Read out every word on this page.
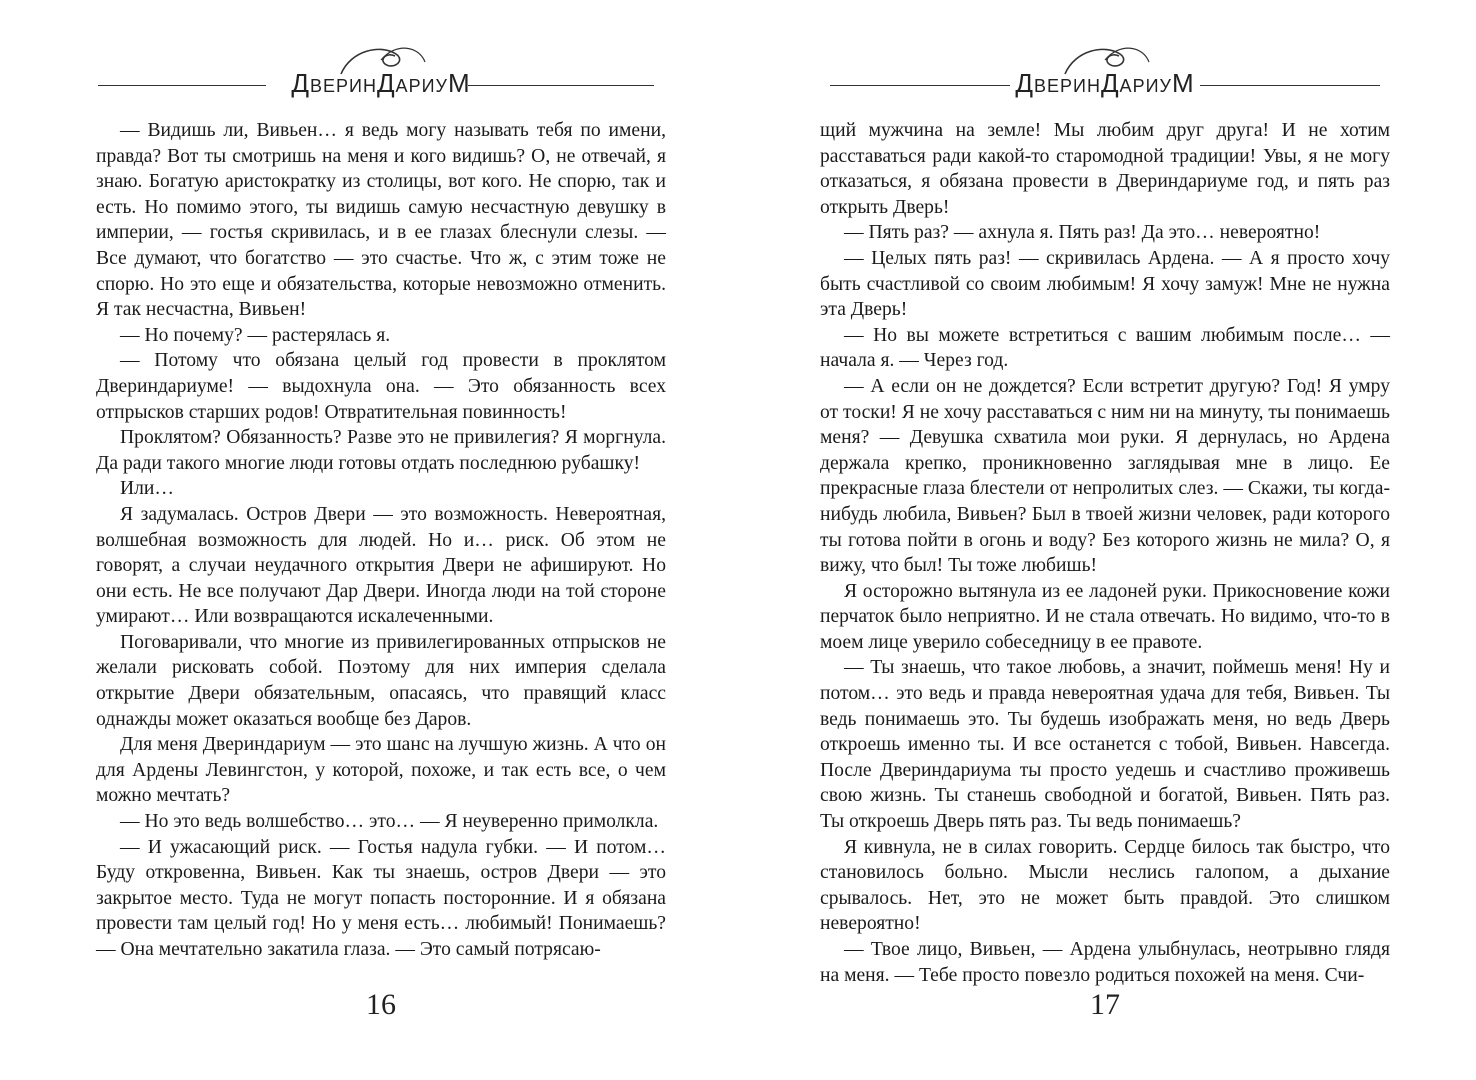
ДверинДариуМ

— Видишь ли, Вивьен… я ведь могу называть тебя по имени, правда? Вот ты смотришь на меня и кого видишь? О, не отвечай, я знаю. Богатую аристократку из столицы, вот кого. Не спорю, так и есть. Но помимо этого, ты видишь самую несчастную девушку в империи, — гостья скривилась, и в ее глазах блеснули слезы. — Все думают, что богатство — это счастье. Что ж, с этим тоже не спорю. Но это еще и обязательства, которые невозможно отменить. Я так несчастна, Вивьен!

— Но почему? — растерялась я.

— Потому что обязана целый год провести в проклятом Двериндариуме! — выдохнула она. — Это обязанность всех отпрысков старших родов! Отвратительная повинность!

Проклятом? Обязанность? Разве это не привилегия? Я моргнула. Да ради такого многие люди готовы отдать последнюю рубашку!

Или…

Я задумалась. Остров Двери — это возможность. Невероятная, волшебная возможность для людей. Но и… риск. Об этом не говорят, а случаи неудачного открытия Двери не афишируют. Но они есть. Не все получают Дар Двери. Иногда люди на той стороне умирают… Или возвращаются искалеченными.

Поговаривали, что многие из привилегированных отпрысков не желали рисковать собой. Поэтому для них империя сделала открытие Двери обязательным, опасаясь, что правящий класс однажды может оказаться вообще без Даров.

Для меня Двериндариум — это шанс на лучшую жизнь. А что он для Ардены Левингстон, у которой, похоже, и так есть все, о чем можно мечтать?

— Но это ведь волшебство… это… — Я неуверенно примолкла.

— И ужасающий риск. — Гостья надула губки. — И потом… Буду откровенна, Вивьен. Как ты знаешь, остров Двери — это закрытое место. Туда не могут попасть посторонние. И я обязана провести там целый год! Но у меня есть… любимый! Понимаешь? — Она мечтательно закатила глаза. — Это самый потрясаю-

16
ДверинДариуМ

щий мужчина на земле! Мы любим друг друга! И не хотим расставаться ради какой-то старомодной традиции! Увы, я не могу отказаться, я обязана провести в Двериндариуме год, и пять раз открыть Дверь!

— Пять раз? — ахнула я. Пять раз! Да это… невероятно!

— Целых пять раз! — скривилась Ардена. — А я просто хочу быть счастливой со своим любимым! Я хочу замуж! Мне не нужна эта Дверь!

— Но вы можете встретиться с вашим любимым после… — начала я. — Через год.

— А если он не дождется? Если встретит другую? Год! Я умру от тоски! Я не хочу расставаться с ним ни на минуту, ты понимаешь меня? — Девушка схватила мои руки. Я дернулась, но Ардена держала крепко, проникновенно заглядывая мне в лицо. Ее прекрасные глаза блестели от непролитых слез. — Скажи, ты когда-нибудь любила, Вивьен? Был в твоей жизни человек, ради которого ты готова пойти в огонь и воду? Без которого жизнь не мила? О, я вижу, что был! Ты тоже любишь!

Я осторожно вытянула из ее ладоней руки. Прикосновение кожи перчаток было неприятно. И не стала отвечать. Но видимо, что-то в моем лице уверило собеседницу в ее правоте.

— Ты знаешь, что такое любовь, а значит, поймешь меня! Ну и потом… это ведь и правда невероятная удача для тебя, Вивьен. Ты ведь понимаешь это. Ты будешь изображать меня, но ведь Дверь откроешь именно ты. И все останется с тобой, Вивьен. Навсегда. После Двериндариума ты просто уедешь и счастливо проживешь свою жизнь. Ты станешь свободной и богатой, Вивьен. Пять раз. Ты откроешь Дверь пять раз. Ты ведь понимаешь?

Я кивнула, не в силах говорить. Сердце билось так быстро, что становилось больно. Мысли неслись галопом, а дыхание срывалось. Нет, это не может быть правдой. Это слишком невероятно!

— Твое лицо, Вивьен, — Ардена улыбнулась, неотрывно глядя на меня. — Тебе просто повезло родиться похожей на меня. Счи-

17
